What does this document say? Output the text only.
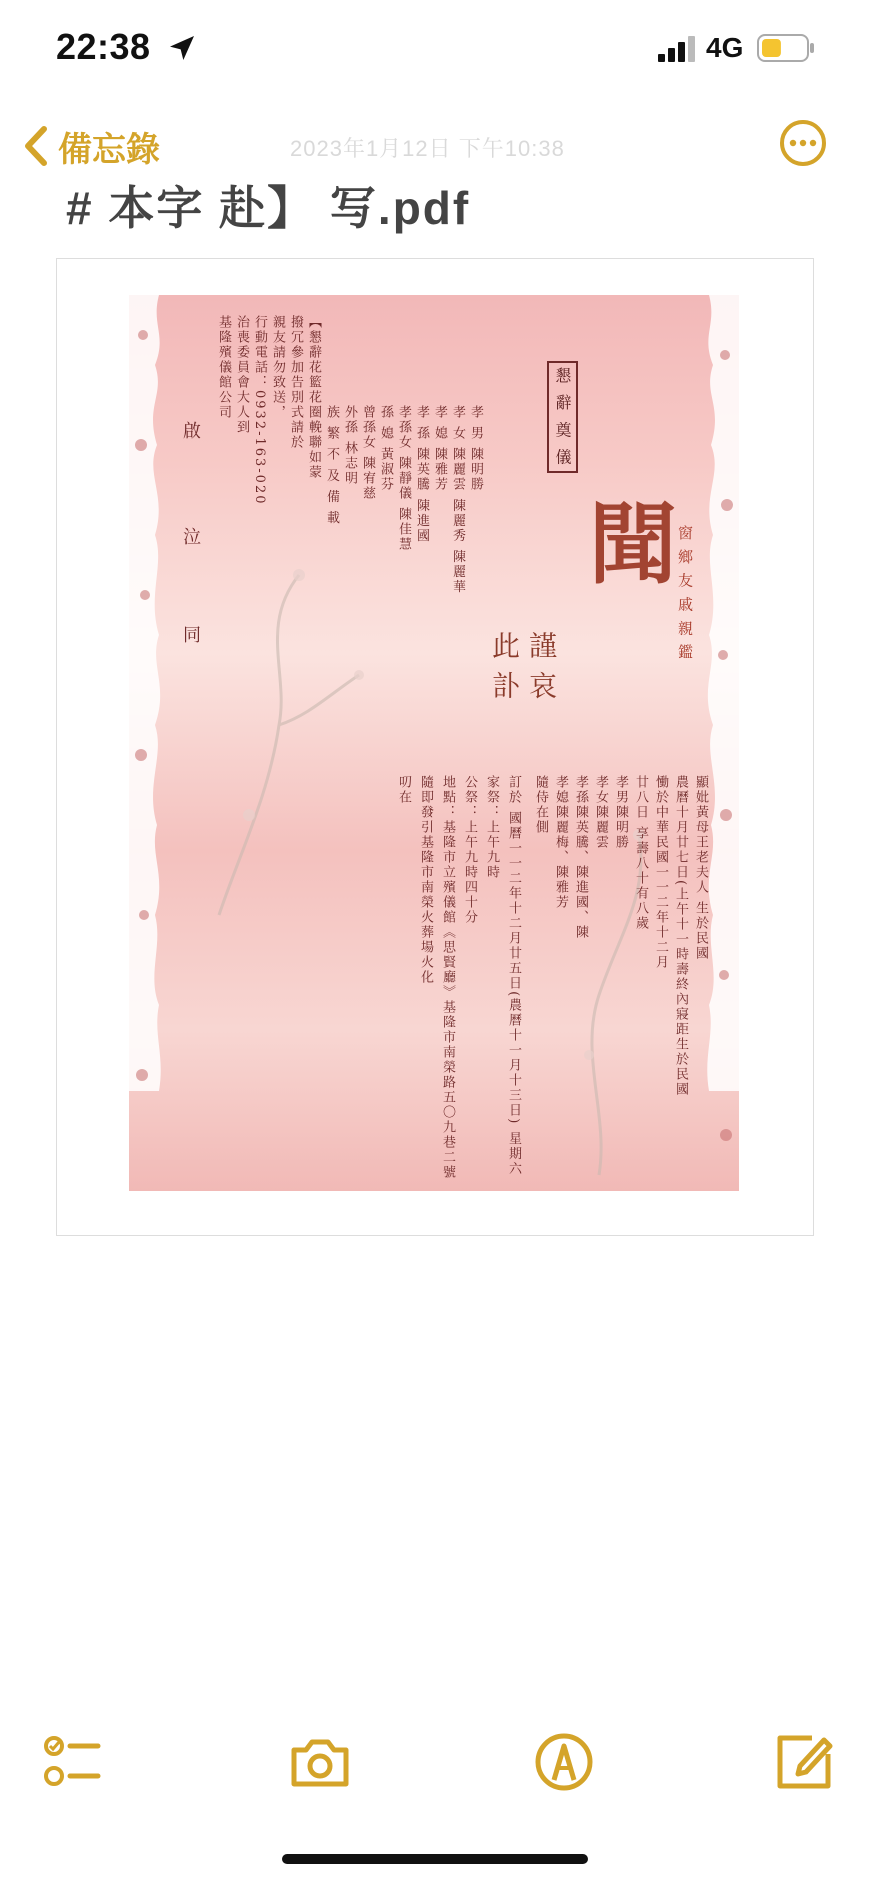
22:38	4G
備忘錄	2023年1月12日 下午10:38
# 本字 赴】 写.pdf
窗 鄉 友 戚 親 鑑
聞
謹
哀
此
訃
懇 辭 奠 儀
顯妣黃母王老夫人 生於民國
農曆十月廿七日(上午十一時壽終內寢距生於民國
慟於中華民國一一二年十二月
廿八日 享壽八十有八歲
孝男陳明勝
孝女陳麗雲
孝孫陳英騰、陳進國、陳
孝媳陳麗梅、陳雅芳
隨侍在側
訂於 國曆一一二年十二月廿五日(農曆十一月十三日) 星期六
家祭：上午九時
公祭：上午九時四十分
地點：基隆市立殯儀館《思賢廳》基隆市南榮路五〇九巷二號
隨即發引基隆市南榮火葬場火化
叨在
孝 男 陳明勝
孝 女 陳麗雲 陳麗秀 陳麗華
孝 媳 陳雅芳
孝 孫 陳英騰 陳進國
孝孫女 陳靜儀 陳佳慧
孫 媳 黃淑芬
曾孫女 陳宥慈
外孫 林志明
族 繁 不 及 備 載
【懇辭花籃花圈輓聯如蒙
撥冗參加告別式請於
親友請勿致送，
行動電話：0932-163-020
治喪委員會大人到
基隆殯儀館公司
啟
泣
同
